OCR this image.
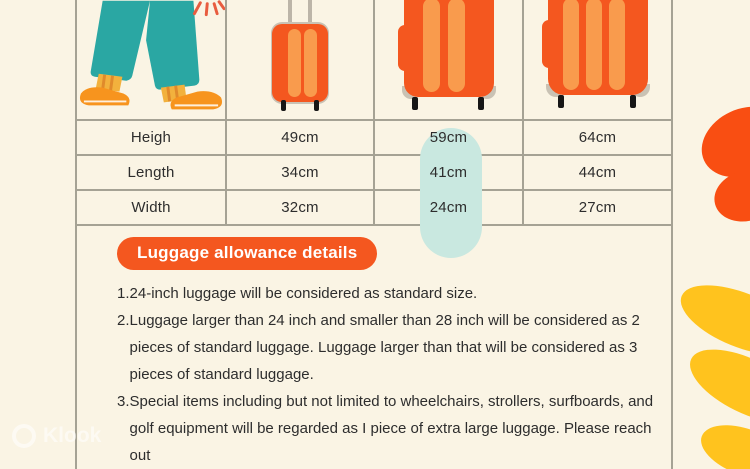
Heigh	49cm	59cm	64cm
Length	34cm	41cm	44cm
Width	32cm	24cm	27cm
Luggage allowance details
1. 24-inch luggage will be considered as standard size.
2. Luggage larger than 24 inch and smaller than 28 inch will be considered as 2 pieces of standard luggage. Luggage larger than that will be considered as 3 pieces of standard luggage.
3. Special items including but not limited to wheelchairs, strollers, surfboards, and golf equipment will be regarded as I piece of extra large luggage. Please reach out
Klook
